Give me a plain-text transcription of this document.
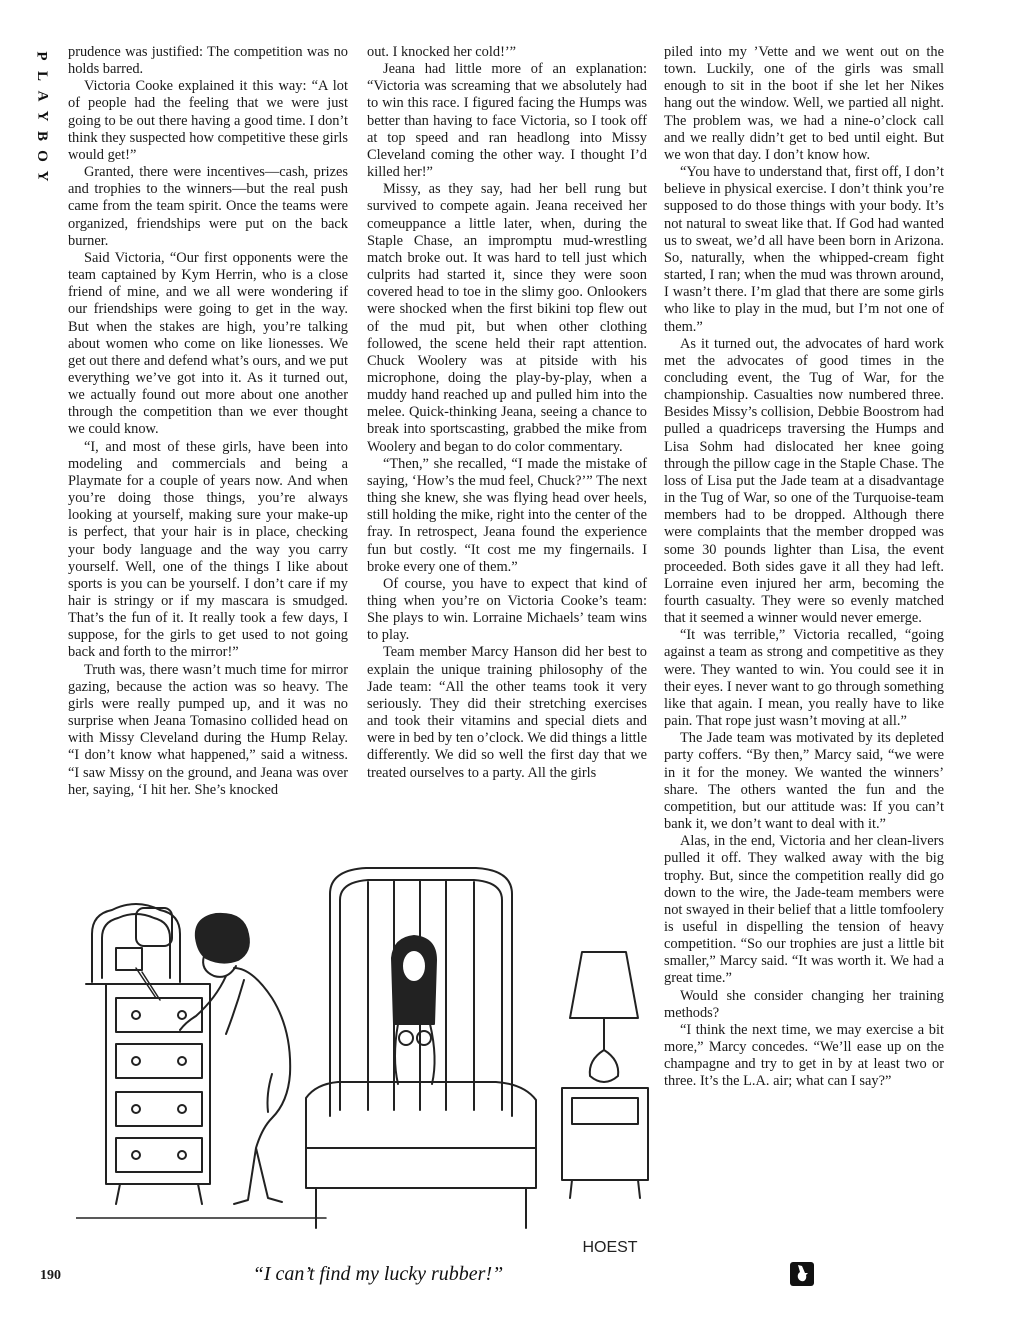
P
L
A
Y
B
O
Y

prudence was justified: The competition was no holds barred.

Victoria Cooke explained it this way: “A lot of people had the feeling that we were just going to be out there having a good time. I don’t think they suspected how competitive these girls would get!”

Granted, there were incentives—cash, prizes and trophies to the winners—but the real push came from the team spirit. Once the teams were organized, friendships were put on the back burner.

Said Victoria, “Our first opponents were the team captained by Kym Herrin, who is a close friend of mine, and we all were wondering if our friendships were going to get in the way. But when the stakes are high, you’re talking about women who come on like lionesses. We get out there and defend what’s ours, and we put everything we’ve got into it. As it turned out, we actually found out more about one another through the competition than we ever thought we could know.

“I, and most of these girls, have been into modeling and commercials and being a Playmate for a couple of years now. And when you’re doing those things, you’re always looking at yourself, making sure your make-up is perfect, that your hair is in place, checking your body language and the way you carry yourself. Well, one of the things I like about sports is you can be yourself. I don’t care if my hair is stringy or if my mascara is smudged. That’s the fun of it. It really took a few days, I suppose, for the girls to get used to not going back and forth to the mirror!”

Truth was, there wasn’t much time for mirror gazing, because the action was so heavy. The girls were really pumped up, and it was no surprise when Jeana Tomasino collided head on with Missy Cleveland during the Hump Relay. “I don’t know what happened,” said a witness. “I saw Missy on the ground, and Jeana was over her, saying, ‘I hit her. She’s knocked

out. I knocked her cold!’”

Jeana had little more of an explanation: “Victoria was screaming that we absolutely had to win this race. I figured facing the Humps was better than having to face Victoria, so I took off at top speed and ran headlong into Missy Cleveland coming the other way. I thought I’d killed her!”

Missy, as they say, had her bell rung but survived to compete again. Jeana received her comeuppance a little later, when, during the Staple Chase, an impromptu mud-wrestling match broke out. It was hard to tell just which culprits had started it, since they were soon covered head to toe in the slimy goo. Onlookers were shocked when the first bikini top flew out of the mud pit, but when other clothing followed, the scene held their rapt attention. Chuck Woolery was at pitside with his microphone, doing the play-by-play, when a muddy hand reached up and pulled him into the melee. Quick-thinking Jeana, seeing a chance to break into sportscasting, grabbed the mike from Woolery and began to do color commentary.

“Then,” she recalled, “I made the mistake of saying, ‘How’s the mud feel, Chuck?’” The next thing she knew, she was flying head over heels, still holding the mike, right into the center of the fray. In retrospect, Jeana found the experience fun but costly. “It cost me my fingernails. I broke every one of them.”

Of course, you have to expect that kind of thing when you’re on Victoria Cooke’s team: She plays to win. Lorraine Michaels’ team wins to play.

Team member Marcy Hanson did her best to explain the unique training philosophy of the Jade team: “All the other teams took it very seriously. They did their stretching exercises and took their vitamins and special diets and were in bed by ten o’clock. We did things a little differently. We did so well the first day that we treated ourselves to a party. All the girls

piled into my ’Vette and we went out on the town. Luckily, one of the girls was small enough to sit in the boot if she let her Nikes hang out the window. Well, we partied all night. The problem was, we had a nine-o’clock call and we really didn’t get to bed until eight. But we won that day. I don’t know how.

“You have to understand that, first off, I don’t believe in physical exercise. I don’t think you’re supposed to do those things with your body. It’s not natural to sweat like that. If God had wanted us to sweat, we’d all have been born in Arizona. So, naturally, when the whipped-cream fight started, I ran; when the mud was thrown around, I wasn’t there. I’m glad that there are some girls who like to play in the mud, but I’m not one of them.”

As it turned out, the advocates of hard work met the advocates of good times in the concluding event, the Tug of War, for the championship. Casualties now numbered three. Besides Missy’s collision, Debbie Boostrom had pulled a quadriceps traversing the Humps and Lisa Sohm had dislocated her knee going through the pillow cage in the Staple Chase. The loss of Lisa put the Jade team at a disadvantage in the Tug of War, so one of the Turquoise-team members had to be dropped. Although there were complaints that the member dropped was some 30 pounds lighter than Lisa, the event proceeded. Both sides gave it all they had left. Lorraine even injured her arm, becoming the fourth casualty. They were so evenly matched that it seemed a winner would never emerge.

“It was terrible,” Victoria recalled, “going against a team as strong and competitive as they were. They wanted to win. You could see it in their eyes. I never want to go through something like that again. I mean, you really have to like pain. That rope just wasn’t moving at all.”

The Jade team was motivated by its depleted party coffers. “By then,” Marcy said, “we were in it for the money. We wanted the winners’ share. The others wanted the fun and the competition, but our attitude was: If you can’t bank it, we don’t want to deal with it.”

Alas, in the end, Victoria and her clean-livers pulled it off. They walked away with the big trophy. But, since the competition really did go down to the wire, the Jade-team members were not swayed in their belief that a little tomfoolery is useful in dispelling the tension of heavy competition. “So our trophies are just a little bit smaller,” Marcy said. “It was worth it. We had a great time.”

Would she consider changing her training methods?

“I think the next time, we may exercise a bit more,” Marcy concedes. “We’ll ease up on the champagne and try to get in by at least two or three. It’s the L.A. air; what can I say?”

HOEST
“I can’t find my lucky rubber!”
190
